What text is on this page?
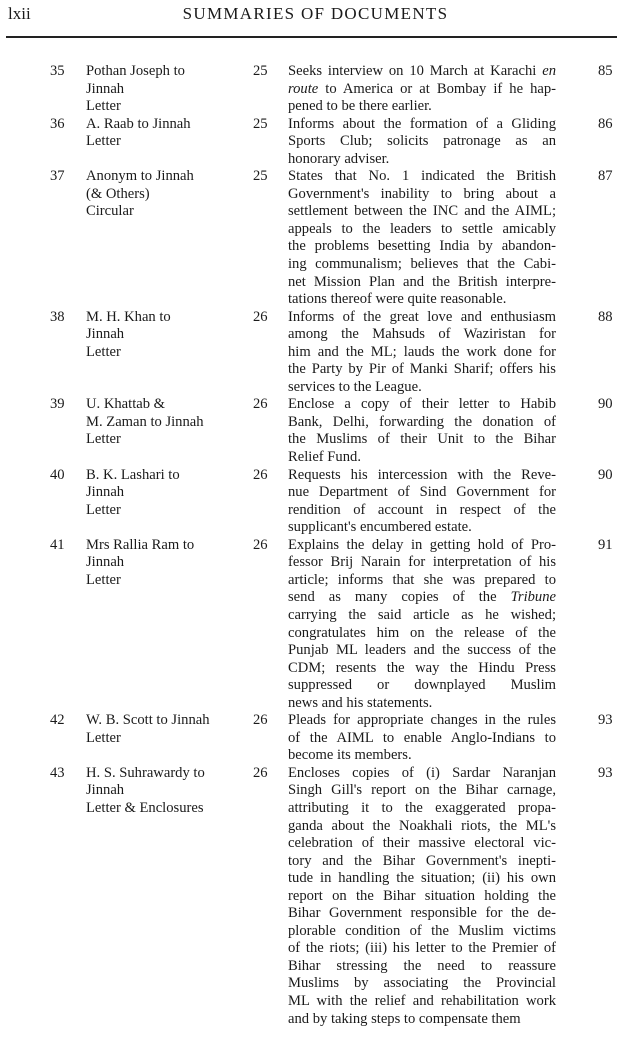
lxii	SUMMARIES OF DOCUMENTS
35 Pothan Joseph to
Jinnah
Letter
25 Seeks interview on 10 March at Karachi en
route to America or at Bombay if he hap-
pened to be there earlier.
85
36 A. Raab to Jinnah
Letter
25 Informs about the formation of a Gliding
Sports Club; solicits patronage as an
honorary adviser.
86
37 Anonym to Jinnah
(& Others)
Circular
25 States that No. 1 indicated the British
Government's inability to bring about a
settlement between the INC and the AIML;
appeals to the leaders to settle amicably
the problems besetting India by abandon-
ing communalism; believes that the Cabi-
net Mission Plan and the British interpre-
tations thereof were quite reasonable.
87
38 M. H. Khan to
Jinnah
Letter
26 Informs of the great love and enthusiasm
among the Mahsuds of Waziristan for
him and the ML; lauds the work done for
the Party by Pir of Manki Sharif; offers his
services to the League.
88
39 U. Khattab &
M. Zaman to Jinnah
Letter
26 Enclose a copy of their letter to Habib
Bank, Delhi, forwarding the donation of
the Muslims of their Unit to the Bihar
Relief Fund.
90
40 B. K. Lashari to
Jinnah
Letter
26 Requests his intercession with the Reve-
nue Department of Sind Government for
rendition of account in respect of the
supplicant's encumbered estate.
90
41 Mrs Rallia Ram to
Jinnah
Letter
26 Explains the delay in getting hold of Pro-
fessor Brij Narain for interpretation of his
article; informs that she was prepared to
send as many copies of the Tribune
carrying the said article as he wished;
congratulates him on the release of the
Punjab ML leaders and the success of the
CDM; resents the way the Hindu Press
suppressed or downplayed Muslim
news and his statements.
91
42 W. B. Scott to Jinnah
Letter
26 Pleads for appropriate changes in the rules
of the AIML to enable Anglo-Indians to
become its members.
93
43 H. S. Suhrawardy to
Jinnah
Letter & Enclosures
26 Encloses copies of (i) Sardar Naranjan
Singh Gill's report on the Bihar carnage,
attributing it to the exaggerated propa-
ganda about the Noakhali riots, the ML's
celebration of their massive electoral vic-
tory and the Bihar Government's inepti-
tude in handling the situation; (ii) his own
report on the Bihar situation holding the
Bihar Government responsible for the de-
plorable condition of the Muslim victims
of the riots; (iii) his letter to the Premier of
Bihar stressing the need to reassure
Muslims by associating the Provincial
ML with the relief and rehabilitation work
and by taking steps to compensate them
93
